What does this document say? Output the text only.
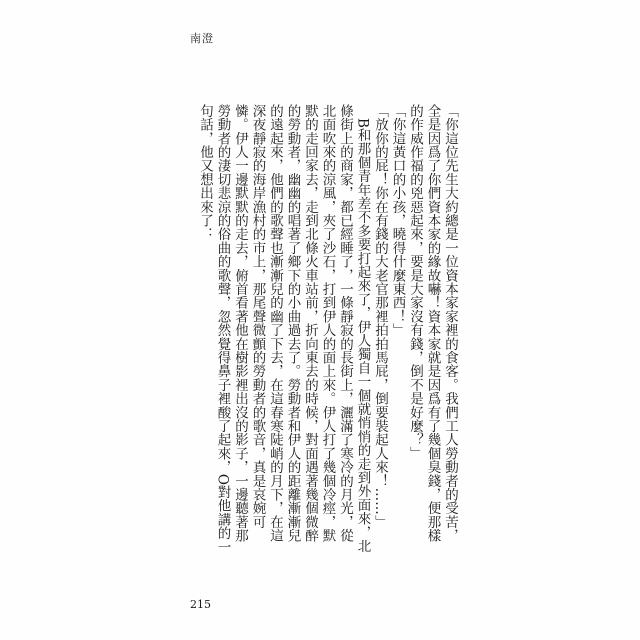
南澄

「你這位先生大約總是一位資本家家裡的食客。我們工人勞動者的受苦，全是因爲了你們資本家的緣故嚇！資本家就是因爲有了幾個臭錢，便那樣的作威作福的兇惡起來，要是大家沒有錢，倒不是好麼？」

「你這黃口的小孩，曉得什麼東西！」

「放你的屁！你在有錢的大老官那裡拍拍馬屁，倒要裝起人來！……」

B和那個青年差不多要打起來了，伊人獨自一個就悄悄的走到外面來，北條街上的商家，都已經睡了，一條靜寂的長街上，灑滿了寒冷的月光，從北面吹來的涼風，夾了沙石，打到伊人的面上來。伊人打了幾個冷痙，默默的走回家去，走到北條火車站前，折向東去的時候，對面遇著幾個微醉的勞動者，幽幽的唱著了鄉下的小曲過去了。勞動者和伊人的距離漸漸兒的遠起來，他們的歌聲也漸漸兒的幽了下去，在這春寒陡峭的月下，在這深夜靜寂的海岸漁村的市上，那尾聲微顫的勞動者的歌音，真是哀婉可憐。伊人一邊默默的走去，俯首看著他在樹影裡出沒的影子，一邊聽著那勞動者的淒切悲涼的俗曲的歌聲，忽然覺得鼻子裡酸了起來，O對他講的一句話，他又想出來了：

215
